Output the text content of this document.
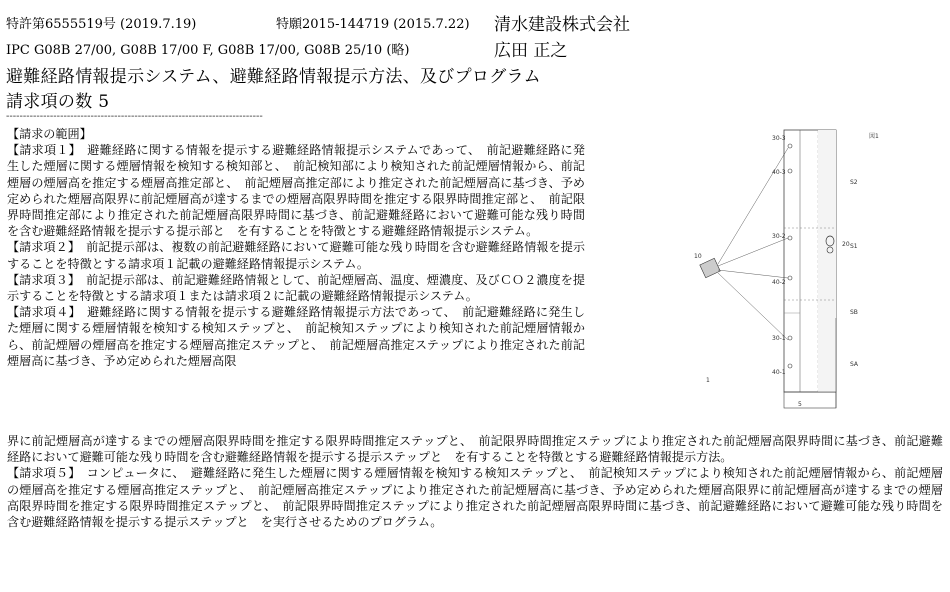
特許第6555519号 (2019.7.19)	特願2015-144719 (2015.7.22) 清水建設株式会社
IPC G08B 27/00, G08B 17/00 F, G08B 17/00, G08B 25/10 (略)	広田 正之
避難経路情報提示システム、避難経路情報提示方法、及びプログラム
請求項の数 5
----------------------------------------------------------------------------

【請求の範囲】

【請求項１】　避難経路に関する情報を提示する避難経路情報提示システムであって、　前記避難経路に発生した煙層に関する煙層情報を検知する検知部と、　前記検知部により検知された前記煙層情報から、前記煙層の煙層高を推定する煙層高推定部と、　前記煙層高推定部により推定された前記煙層高に基づき、予め定められた煙層高限界に前記煙層高が達するまでの煙層高限界時間を推定する限界時間推定部と、　前記限界時間推定部により推定された前記煙層高限界時間に基づき、前記避難経路において避難可能な残り時間を含む避難経路情報を提示する提示部と　を有することを特徴とする避難経路情報提示システム。

【請求項２】　前記提示部は、複数の前記避難経路において避難可能な残り時間を含む避難経路情報を提示することを特徴とする請求項１記載の避難経路情報提示システム。

【請求項３】　前記提示部は、前記避難経路情報として、前記煙層高、温度、煙濃度、及びＣＯ２濃度を提示することを特徴とする請求項１または請求項２に記載の避難経路情報提示システム。

【請求項４】　避難経路に関する情報を提示する避難経路情報提示方法であって、　前記避難経路に発生した煙層に関する煙層情報を検知する検知ステップと、　前記検知ステップにより検知された前記煙層情報から、前記煙層の煙層高を推定する煙層高推定ステップと、　前記煙層高推定ステップにより推定された前記煙層高に基づき、予め定められた煙層高限

界に前記煙層高が達するまでの煙層高限界時間を推定する限界時間推定ステップと、　前記限界時間推定ステップにより推定された前記煙層高限界時間に基づき、前記避難経路において避難可能な残り時間を含む避難経路情報を提示する提示ステップと　を有することを特徴とする避難経路情報提示方法。

【請求項５】　コンピュータに、　避難経路に発生した煙層に関する煙層情報を検知する検知ステップと、　前記検知ステップにより検知された前記煙層情報から、前記煙層の煙層高を推定する煙層高推定ステップと、　前記煙層高推定ステップにより推定された前記煙層高に基づき、予め定められた煙層高限界に前記煙層高が達するまでの煙層高限界時間を推定する限界時間推定ステップと、　前記限界時間推定ステップにより推定された前記煙層高限界時間に基づき、前記避難経路において避難可能な残り時間を含む避難経路情報を提示する提示ステップと　を実行させるためのプログラム。

図1
30-3
40-3
30-2
40-2
30-1
40-1
S2
SB
S1
SA
10
20
1
5
